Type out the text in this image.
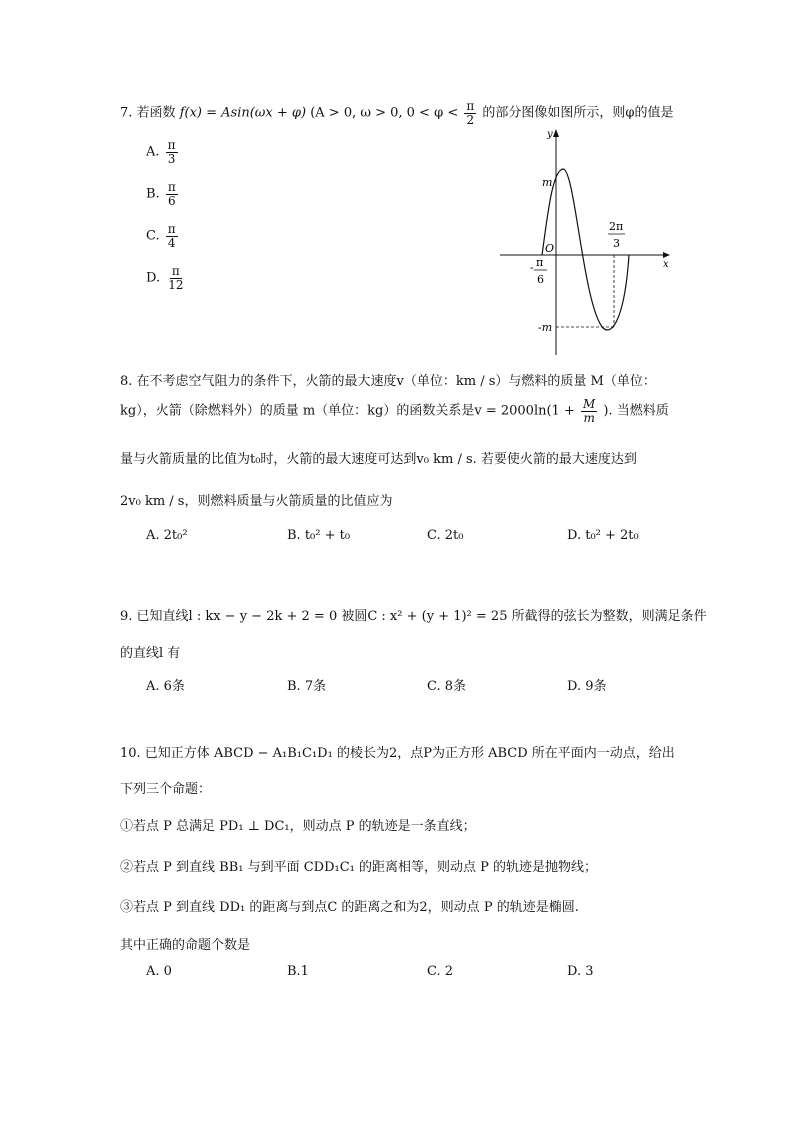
7. 若函数 f(x) = Asin(ωx + φ) (A > 0, ω > 0, $0 < \varphi < \frac{\pi}{2}$ 的部分图像如图所示，则φ的值是
A. $\frac{\pi}{3}$
B. $\frac{\pi}{6}$
C. $\frac{\pi}{4}$
D. $\frac{\pi}{12}$
y
x
O
m
-m
- π
6
2π
3
8. 在不考虑空气阻力的条件下，火箭的最大速度v（单位：km / s）与燃料的质量 M（单位：
kg），火箭（除燃料外）的质量 m（单位：kg）的函数关系是$v = 2000\ln(1 + \frac{M}{m}$ ). 当燃料质
量与火箭质量的比值为t₀时，火箭的最大速度可达到v₀ km / s. 若要使火箭的最大速度达到
2v₀ km / s，则燃料质量与火箭质量的比值应为
A. 2t₀²	B. t₀² + t₀	C. 2t₀	D. t₀² + 2t₀
9. 已知直线l : kx − y − 2k + 2 = 0 被圆C : x² + (y + 1)² = 25 所截得的弦长为整数，则满足条件
的直线l 有
A. 6条	B. 7条	C. 8条	D. 9条
10. 已知正方体 ABCD − A₁B₁C₁D₁ 的棱长为2，点P为正方形 ABCD 所在平面内一动点，给出
下列三个命题：
①若点 P 总满足 PD₁ ⊥ DC₁，则动点 P 的轨迹是一条直线；
②若点 P 到直线 BB₁ 与到平面 CDD₁C₁ 的距离相等，则动点 P 的轨迹是抛物线；
③若点 P 到直线 DD₁ 的距离与到点C 的距离之和为2，则动点 P 的轨迹是椭圆.
其中正确的命题个数是
A. 0	B.1	C. 2	D. 3
